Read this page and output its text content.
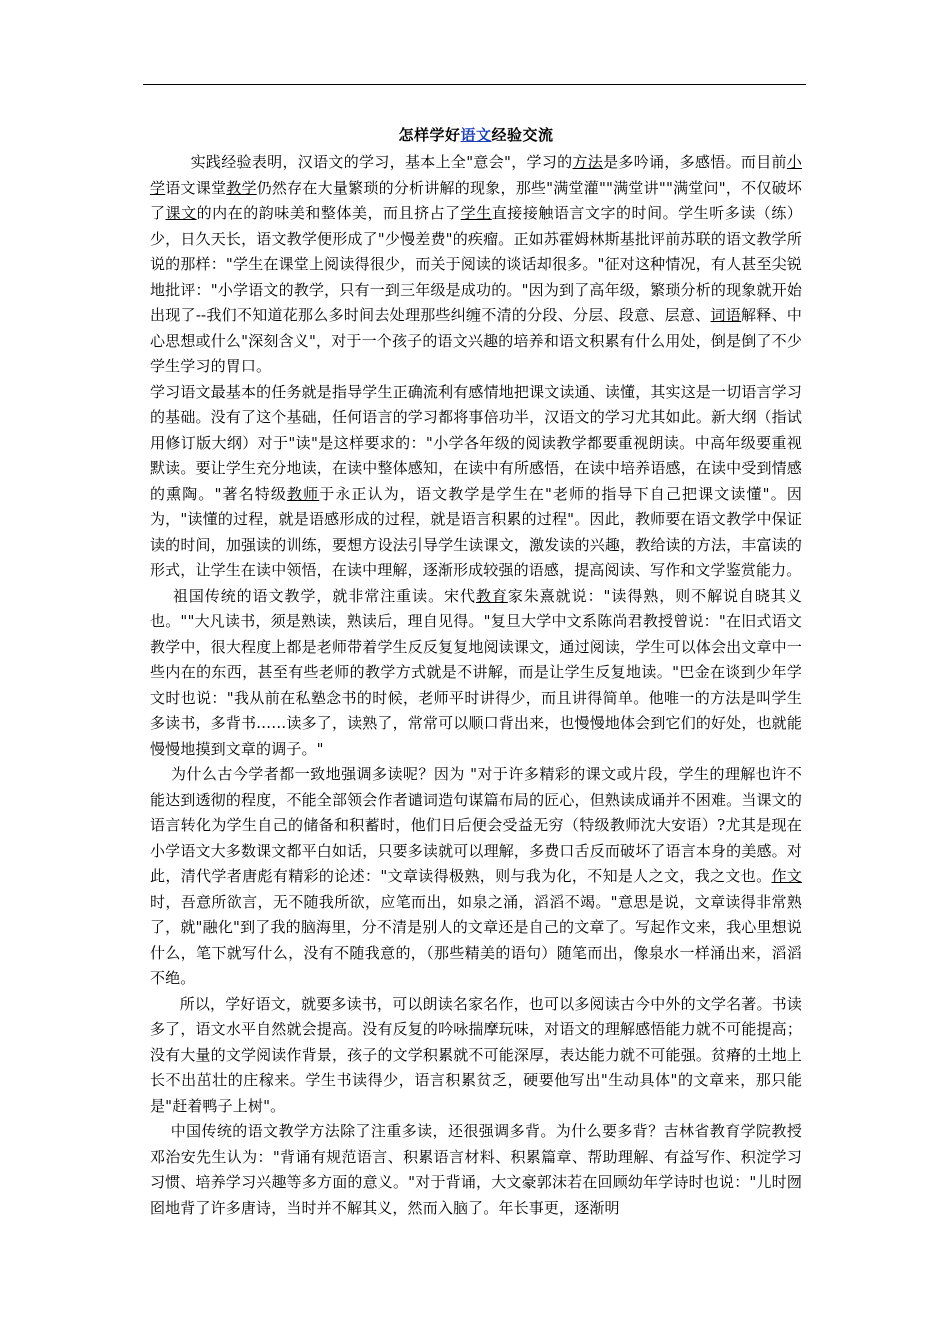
怎样学好语文经验交流

实践经验表明，汉语文的学习，基本上全"意会"，学习的方法是多吟诵，多感悟。而目前小学语文课堂教学仍然存在大量繁琐的分析讲解的现象，那些"满堂灌""满堂讲""满堂问"，不仅破坏了课文的内在的韵味美和整体美，而且挤占了学生直接接触语言文字的时间。学生听多读（练）少，日久天长，语文教学便形成了"少慢差费"的疾瘤。正如苏霍姆林斯基批评前苏联的语文教学所说的那样："学生在课堂上阅读得很少，而关于阅读的谈话却很多。"征对这种情况，有人甚至尖锐地批评："小学语文的教学，只有一到三年级是成功的。"因为到了高年级，繁琐分析的现象就开始出现了--我们不知道花那么多时间去处理那些纠缠不清的分段、分层、段意、层意、词语解释、中心思想或什么"深刻含义"，对于一个孩子的语文兴趣的培养和语文积累有什么用处，倒是倒了不少学生学习的胃口。

学习语文最基本的任务就是指导学生正确流利有感情地把课文读通、读懂，其实这是一切语言学习的基础。没有了这个基础，任何语言的学习都将事倍功半，汉语文的学习尤其如此。新大纲（指试用修订版大纲）对于"读"是这样要求的："小学各年级的阅读教学都要重视朗读。中高年级要重视默读。要让学生充分地读，在读中整体感知，在读中有所感悟，在读中培养语感，在读中受到情感的熏陶。"著名特级教师于永正认为，语文教学是学生在"老师的指导下自己把课文读懂"。因为，"读懂的过程，就是语感形成的过程，就是语言积累的过程"。因此，教师要在语文教学中保证读的时间，加强读的训练，要想方设法引导学生读课文，激发读的兴趣，教给读的方法，丰富读的形式，让学生在读中领悟，在读中理解，逐渐形成较强的语感，提高阅读、写作和文学鉴赏能力。

祖国传统的语文教学，就非常注重读。宋代教育家朱熹就说："读得熟，则不解说自晓其义也。""大凡读书，须是熟读，熟读后，理自见得。"复旦大学中文系陈尚君教授曾说："在旧式语文教学中，很大程度上都是老师带着学生反反复复地阅读课文，通过阅读，学生可以体会出文章中一些内在的东西，甚至有些老师的教学方式就是不讲解，而是让学生反复地读。"巴金在谈到少年学文时也说："我从前在私塾念书的时候，老师平时讲得少，而且讲得简单。他唯一的方法是叫学生多读书，多背书……读多了，读熟了，常常可以顺口背出来，也慢慢地体会到它们的好处，也就能慢慢地摸到文章的调子。"

为什么古今学者都一致地强调多读呢？因为 "对于许多精彩的课文或片段，学生的理解也许不能达到透彻的程度，不能全部领会作者谴词造句谋篇布局的匠心，但熟读成诵并不困难。当课文的语言转化为学生自己的储备和积蓄时，他们日后便会受益无穷（特级教师沈大安语）?尤其是现在小学语文大多数课文都平白如话，只要多读就可以理解，多费口舌反而破坏了语言本身的美感。对此，清代学者唐彪有精彩的论述："文章读得极熟，则与我为化，不知是人之文，我之文也。作文时，吾意所欲言，无不随我所欲，应笔而出，如泉之涌，滔滔不竭。"意思是说，文章读得非常熟了，就"融化"到了我的脑海里，分不清是别人的文章还是自己的文章了。写起作文来，我心里想说什么，笔下就写什么，没有不随我意的，（那些精美的语句）随笔而出，像泉水一样涌出来，滔滔不绝。

所以，学好语文，就要多读书，可以朗读名家名作，也可以多阅读古今中外的文学名著。书读多了，语文水平自然就会提高。没有反复的吟咏揣摩玩味，对语文的理解感悟能力就不可能提高；没有大量的文学阅读作背景，孩子的文学积累就不可能深厚，表达能力就不可能强。贫瘠的土地上长不出茁壮的庄稼来。学生书读得少，语言积累贫乏，硬要他写出"生动具体"的文章来，那只能是"赶着鸭子上树"。

中国传统的语文教学方法除了注重多读，还很强调多背。为什么要多背？吉林省教育学院教授邓治安先生认为："背诵有规范语言、积累语言材料、积累篇章、帮助理解、有益写作、积淀学习习惯、培养学习兴趣等多方面的意义。"对于背诵，大文豪郭沫若在回顾幼年学诗时也说："儿时囫囵地背了许多唐诗，当时并不解其义，然而入脑了。年长事更，逐渐明
